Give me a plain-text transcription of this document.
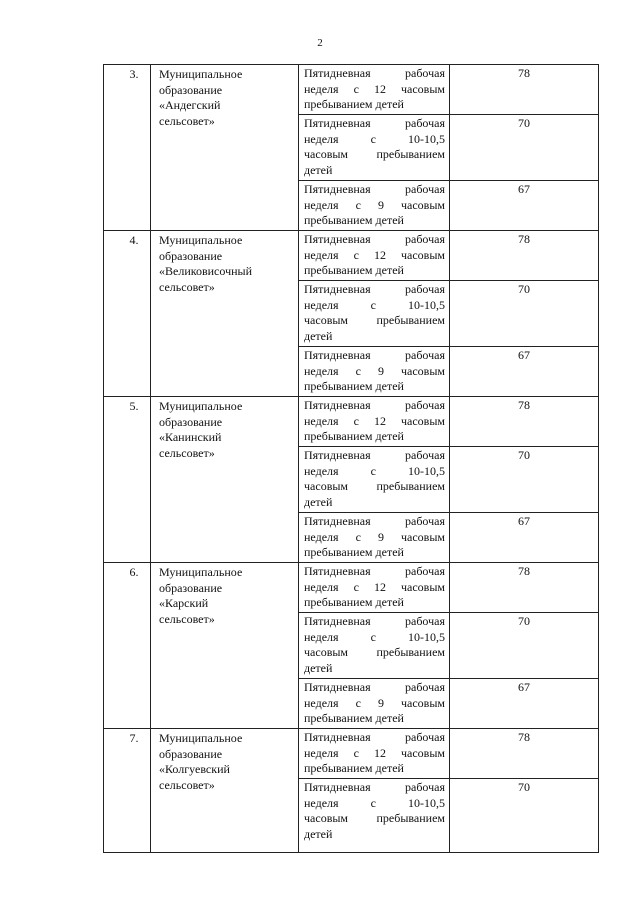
2
3.	Муниципальное
образование
«Андегский
сельсовет»	Пятидневная рабочая
неделя с 12 часовым
пребыванием детей	78

		Пятидневная рабочая
неделя с 10-10,5
часовым пребыванием
детей	70

		Пятидневная рабочая
неделя с 9 часовым
пребыванием детей	67
4.	Муниципальное
образование
«Великовисочный
сельсовет»	Пятидневная рабочая
неделя с 12 часовым
пребыванием детей	78

		Пятидневная рабочая
неделя с 10-10,5
часовым пребыванием
детей	70

		Пятидневная рабочая
неделя с 9 часовым
пребыванием детей	67
5.	Муниципальное
образование
«Канинский
сельсовет»	Пятидневная рабочая
неделя с 12 часовым
пребыванием детей	78

		Пятидневная рабочая
неделя с 10-10,5
часовым пребыванием
детей	70

		Пятидневная рабочая
неделя с 9 часовым
пребыванием детей	67
6.	Муниципальное
образование
«Карский
сельсовет»	Пятидневная рабочая
неделя с 12 часовым
пребыванием детей	78

		Пятидневная рабочая
неделя с 10-10,5
часовым пребыванием
детей	70

		Пятидневная рабочая
неделя с 9 часовым
пребыванием детей	67
7.	Муниципальное
образование
«Колгуевский
сельсовет»	Пятидневная рабочая
неделя с 12 часовым
пребыванием детей	78

		Пятидневная рабочая
неделя с 10-10,5
часовым пребыванием
детей	70
